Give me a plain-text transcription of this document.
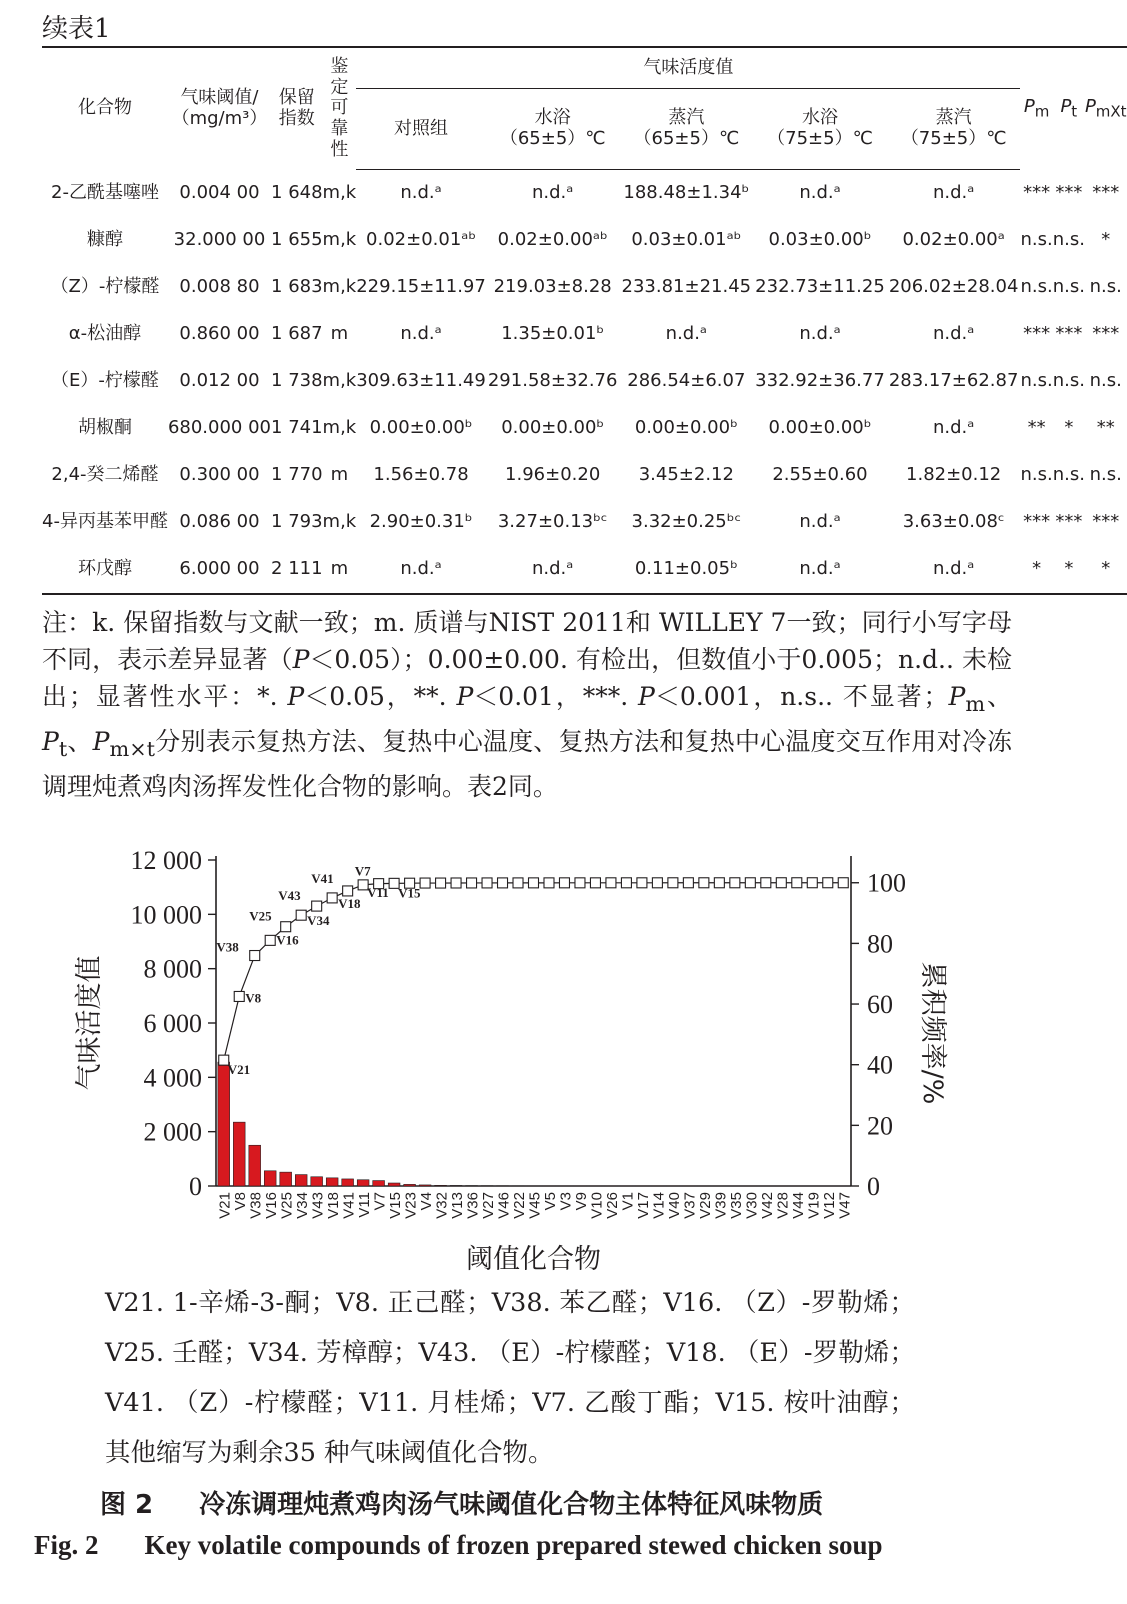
续表1
化合物	气味阈值/（mg/m³）	保留指数	鉴定可靠性	气味活度值					$P_m$	$P_t$	$P_{mXt}$
				对照组	水浴（65±5）℃	蒸汽（65±5）℃	水浴（75±5）℃	蒸汽（75±5）℃			
2-乙酰基噻唑	0.004 00	1 648	m,k	n.d.ᵃ	n.d.ᵃ	188.48±1.34ᵇ	n.d.ᵃ	n.d.ᵃ	***	***	***
糠醇	32.000 00	1 655	m,k	0.02±0.01ᵃᵇ	0.02±0.00ᵃᵇ	0.03±0.01ᵃᵇ	0.03±0.00ᵇ	0.02±0.00ᵃ	n.s.	n.s.	*
（Z）-柠檬醛	0.008 80	1 683	m,k	229.15±11.97	219.03±8.28	233.81±21.45	232.73±11.25	206.02±28.04	n.s.	n.s.	n.s.
α-松油醇	0.860 00	1 687	m	n.d.ᵃ	1.35±0.01ᵇ	n.d.ᵃ	n.d.ᵃ	n.d.ᵃ	***	***	***
（E）-柠檬醛	0.012 00	1 738	m,k	309.63±11.49	291.58±32.76	286.54±6.07	332.92±36.77	283.17±62.87	n.s.	n.s.	n.s.
胡椒酮	680.000 00	1 741	m,k	0.00±0.00ᵇ	0.00±0.00ᵇ	0.00±0.00ᵇ	0.00±0.00ᵇ	n.d.ᵃ	**	*	**
2,4-癸二烯醛	0.300 00	1 770	m	1.56±0.78	1.96±0.20	3.45±2.12	2.55±0.60	1.82±0.12	n.s.	n.s.	n.s.
4-异丙基苯甲醛	0.086 00	1 793	m,k	2.90±0.31ᵇ	3.27±0.13ᵇᶜ	3.32±0.25ᵇᶜ	n.d.ᵃ	3.63±0.08ᶜ	***	***	***
环戊醇	6.000 00	2 111	m	n.d.ᵃ	n.d.ᵃ	0.11±0.05ᵇ	n.d.ᵃ	n.d.ᵃ	*	*	*
注：k. 保留指数与文献一致；m. 质谱与NIST 2011和 WILLEY 7一致；同行小写字母不同，表示差异显著（P＜0.05）；0.00±0.00. 有检出，但数值小于0.005；n.d.. 未检出；显著性水平：*. P＜0.05，**. P＜0.01，***. P＜0.001，n.s.. 不显著；$P_m$、$P_t$、$P_{m\times t}$分别表示复热方法、复热中心温度、复热方法和复热中心温度交互作用对冷冻调理炖煮鸡肉汤挥发性化合物的影响。表2同。
0
2 000
4 000
6 000
8 000
10 000
12 000
0
20
40
60
80
100
V21
V8
V38	V16
V25	V34
V43
V18
V41
V11
V7
V15
V21
V8
V38
V16
V25
V34
V43
V18
V41
V11
V7
V15
V23
V4
V32
V13
V36
V27
V46
V22
V45
V5
V3
V9
V10
V26
V1
V17
V14
V40
V37
V29
V39
V35
V30
V42
V28
V44
V19
V12
V47
阈值化合物
气味活度值	累积频率/%
V21. 1-辛烯-3-酮；V8. 正己醛；V38. 苯乙醛；V16. （Z）-罗勒烯；V25. 壬醛；V34. 芳樟醇；V43. （E）-柠檬醛；V18. （E）-罗勒烯；V41. （Z）-柠檬醛；V11. 月桂烯；V7. 乙酸丁酯；V15. 桉叶油醇；其他缩写为剩余35 种气味阈值化合物。
图 2 冷冻调理炖煮鸡肉汤气味阈值化合物主体特征风味物质
Fig. 2 Key volatile compounds of frozen prepared stewed chicken soup
